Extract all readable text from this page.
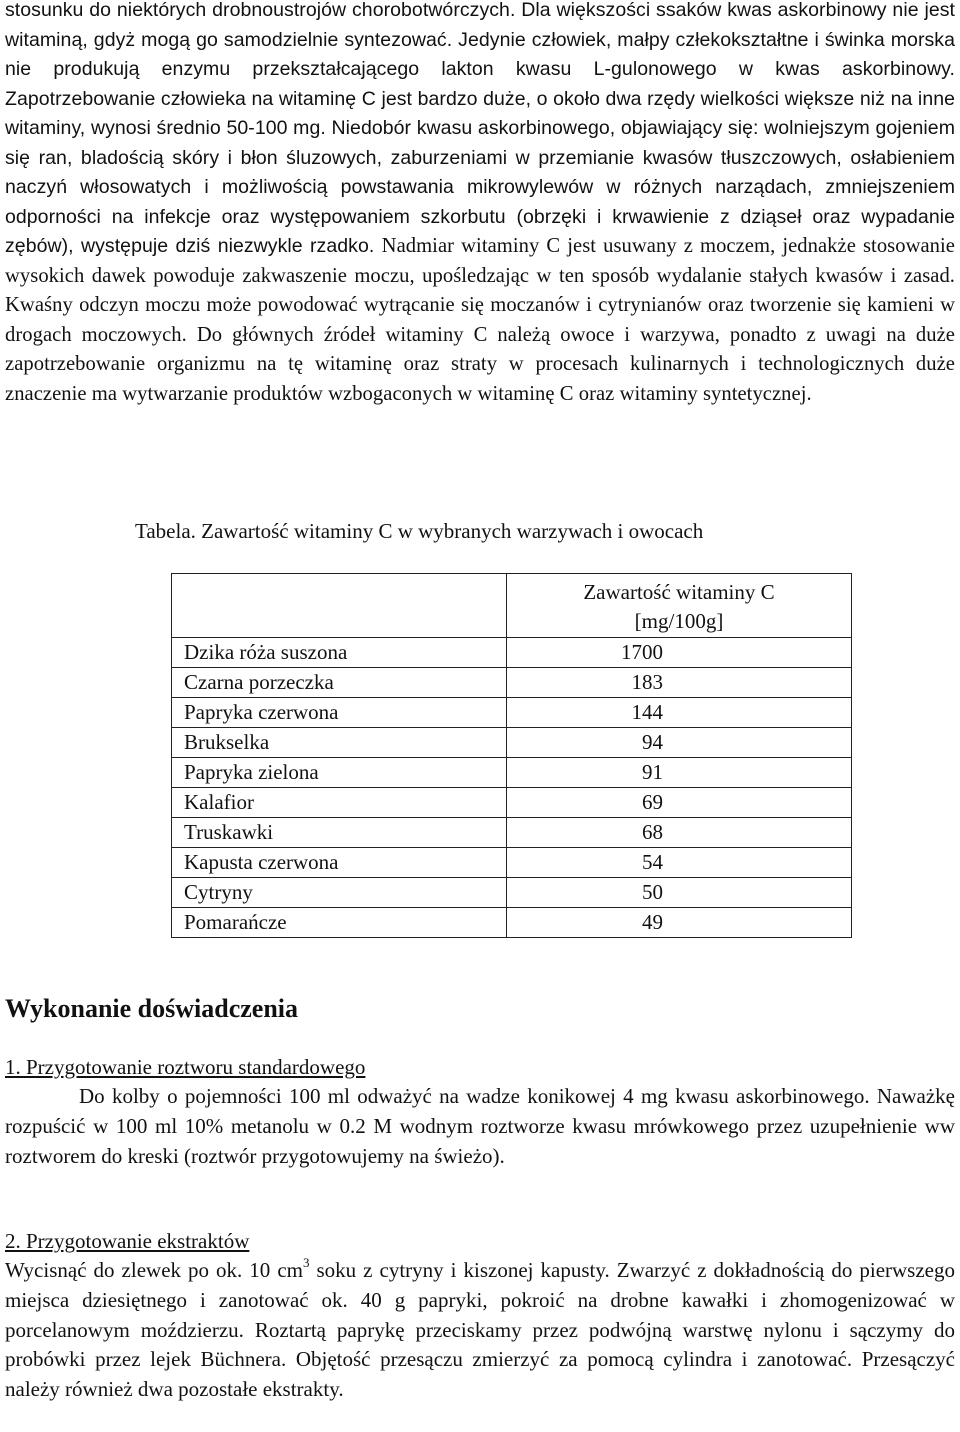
stosunku do niektórych drobnoustrojów chorobotwórczych. Dla większości ssaków kwas askorbinowy nie jest witaminą, gdyż mogą go samodzielnie syntezować. Jedynie człowiek, małpy człekokształtne i świnka morska nie produkują enzymu przekształcającego lakton kwasu L-gulonowego w kwas askorbinowy. Zapotrzebowanie człowieka na witaminę C jest bardzo duże, o około dwa rzędy wielkości większe niż na inne witaminy, wynosi średnio 50-100 mg. Niedobór kwasu askorbinowego, objawiający się: wolniejszym gojeniem się ran, bladością skóry i błon śluzowych, zaburzeniami w przemianie kwasów tłuszczowych, osłabieniem naczyń włosowatych i możliwością powstawania mikrowylewów w różnych narządach, zmniejszeniem odporności na infekcje oraz występowaniem szkorbutu (obrzęki i krwawienie z dziąseł oraz wypadanie zębów), występuje dziś niezwykle rzadko. Nadmiar witaminy C jest usuwany z moczem, jednakże stosowanie wysokich dawek powoduje zakwaszenie moczu, upośledzając w ten sposób wydalanie stałych kwasów i zasad. Kwaśny odczyn moczu może powodować wytrącanie się moczanów i cytrynianów oraz tworzenie się kamieni w drogach moczowych. Do głównych źródeł witaminy C należą owoce i warzywa, ponadto z uwagi na duże zapotrzebowanie organizmu na tę witaminę oraz straty w procesach kulinarnych i technologicznych duże znaczenie ma wytwarzanie produktów wzbogaconych w witaminę C oraz witaminy syntetycznej.

Tabela. Zawartość witaminy C w wybranych warzywach i owocach

	Zawartość witaminy C
[mg/100g]
Dzika róża suszona	1700
Czarna porzeczka	183
Papryka czerwona	144
Brukselka	94
Papryka zielona	91
Kalafior	69
Truskawki	68
Kapusta czerwona	54
Cytryny	50
Pomarańcze	49
Wykonanie doświadczenia

1. Przygotowanie roztworu standardowego

Do kolby o pojemności 100 ml odważyć na wadze konikowej 4 mg kwasu askorbinowego. Naważkę rozpuścić w 100 ml 10% metanolu w 0.2 M wodnym roztworze kwasu mrówkowego przez uzupełnienie ww roztworem do kreski (roztwór przygotowujemy na świeżo).

2. Przygotowanie ekstraktów

Wycisnąć do zlewek po ok. 10 $cm^3$ soku z cytryny i kiszonej kapusty. Zwarzyć z dokładnością do pierwszego miejsca dziesiętnego i zanotować ok. 40 g papryki, pokroić na drobne kawałki i zhomogenizować w porcelanowym moździerzu. Roztartą paprykę przeciskamy przez podwójną warstwę nylonu i sączymy do probówki przez lejek Büchnera. Objętość przesączu zmierzyć za pomocą cylindra i zanotować. Przesączyć należy również dwa pozostałe ekstrakty.
